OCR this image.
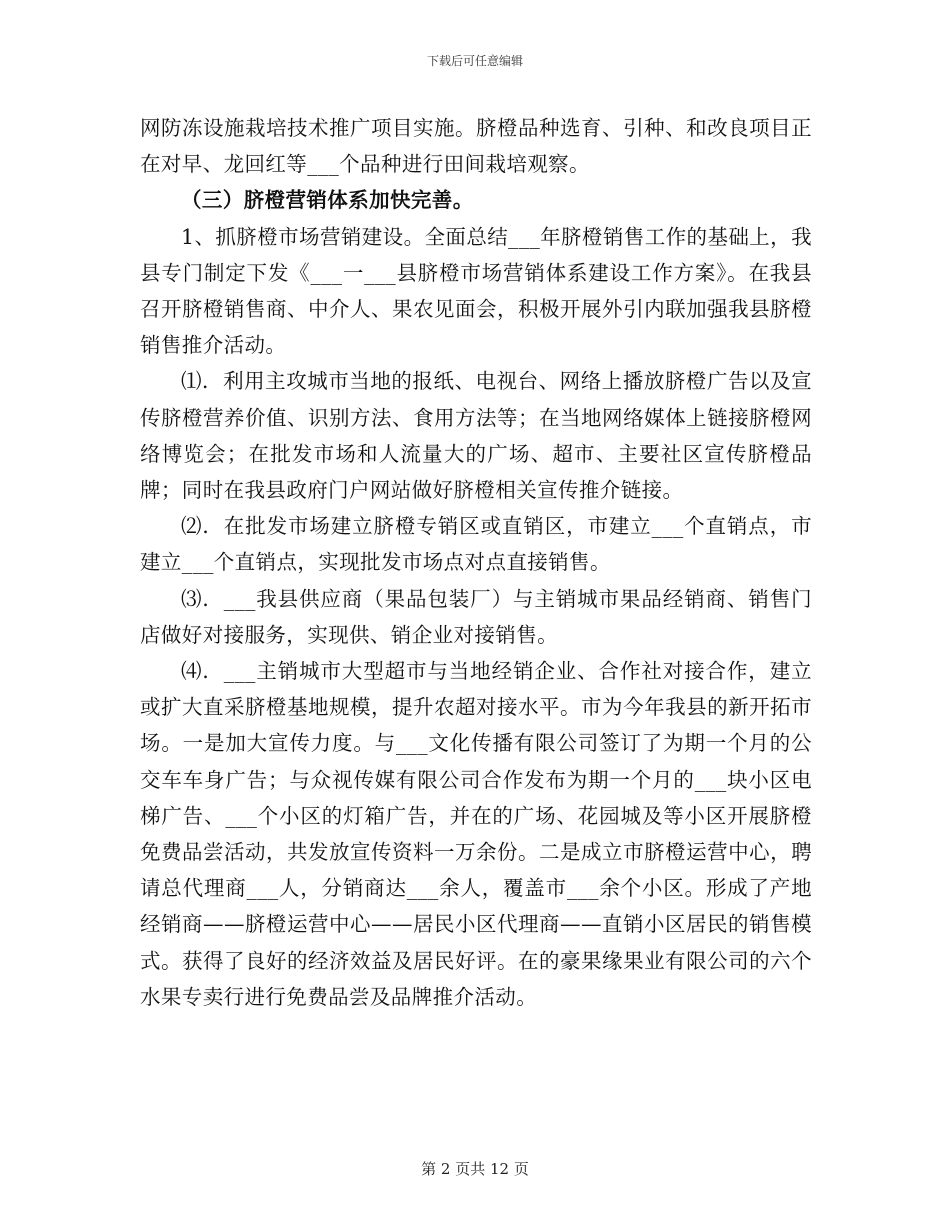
下载后可任意编辑

网防冻设施栽培技术推广项目实施。脐橙品种选育、引种、和改良项目正在对早、龙回红等___个品种进行田间栽培观察。

（三）脐橙营销体系加快完善。

1、抓脐橙市场营销建设。全面总结___年脐橙销售工作的基础上，我县专门制定下发《___一___县脐橙市场营销体系建设工作方案》。在我县召开脐橙销售商、中介人、果农见面会，积极开展外引内联加强我县脐橙销售推介活动。

⑴．利用主攻城市当地的报纸、电视台、网络上播放脐橙广告以及宣传脐橙营养价值、识别方法、食用方法等；在当地网络媒体上链接脐橙网络博览会；在批发市场和人流量大的广场、超市、主要社区宣传脐橙品牌；同时在我县政府门户网站做好脐橙相关宣传推介链接。

⑵．在批发市场建立脐橙专销区或直销区，市建立___个直销点，市建立___个直销点，实现批发市场点对点直接销售。

⑶．___我县供应商（果品包装厂）与主销城市果品经销商、销售门店做好对接服务，实现供、销企业对接销售。

⑷．___主销城市大型超市与当地经销企业、合作社对接合作，建立或扩大直采脐橙基地规模，提升农超对接水平。市为今年我县的新开拓市场。一是加大宣传力度。与___文化传播有限公司签订了为期一个月的公交车车身广告；与众视传媒有限公司合作发布为期一个月的___块小区电梯广告、___个小区的灯箱广告，并在的广场、花园城及等小区开展脐橙免费品尝活动，共发放宣传资料一万余份。二是成立市脐橙运营中心，聘请总代理商___人，分销商达___余人，覆盖市___余个小区。形成了产地经销商——脐橙运营中心——居民小区代理商——直销小区居民的销售模式。获得了良好的经济效益及居民好评。在的豪果缘果业有限公司的六个水果专卖行进行免费品尝及品牌推介活动。

第 2 页共 12 页
